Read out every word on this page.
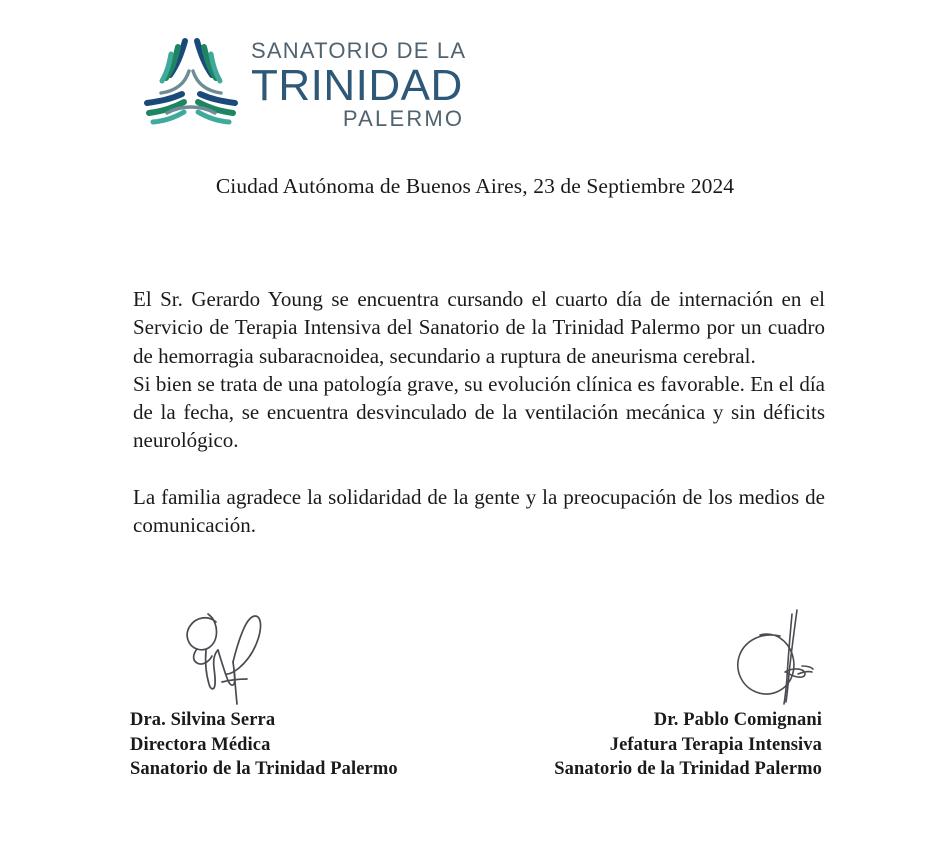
SANATORIO DE LA
TRINIDAD
PALERMO
Ciudad Autónoma de Buenos Aires, 23 de Septiembre 2024

El Sr. Gerardo Young se encuentra cursando el cuarto día de internación en el Servicio de Terapia Intensiva del Sanatorio de la Trinidad Palermo por un cuadro de hemorragia subaracnoidea, secundario a ruptura de aneurisma cerebral.

Si bien se trata de una patología grave, su evolución clínica es favorable. En el día de la fecha, se encuentra desvinculado de la ventilación mecánica y sin déficits neurológico.

La familia agradece la solidaridad de la gente y la preocupación de los medios de comunicación.

Dra. Silvina Serra
Directora Médica
Sanatorio de la Trinidad Palermo
Dr. Pablo Comignani
Jefatura Terapia Intensiva
Sanatorio de la Trinidad Palermo
